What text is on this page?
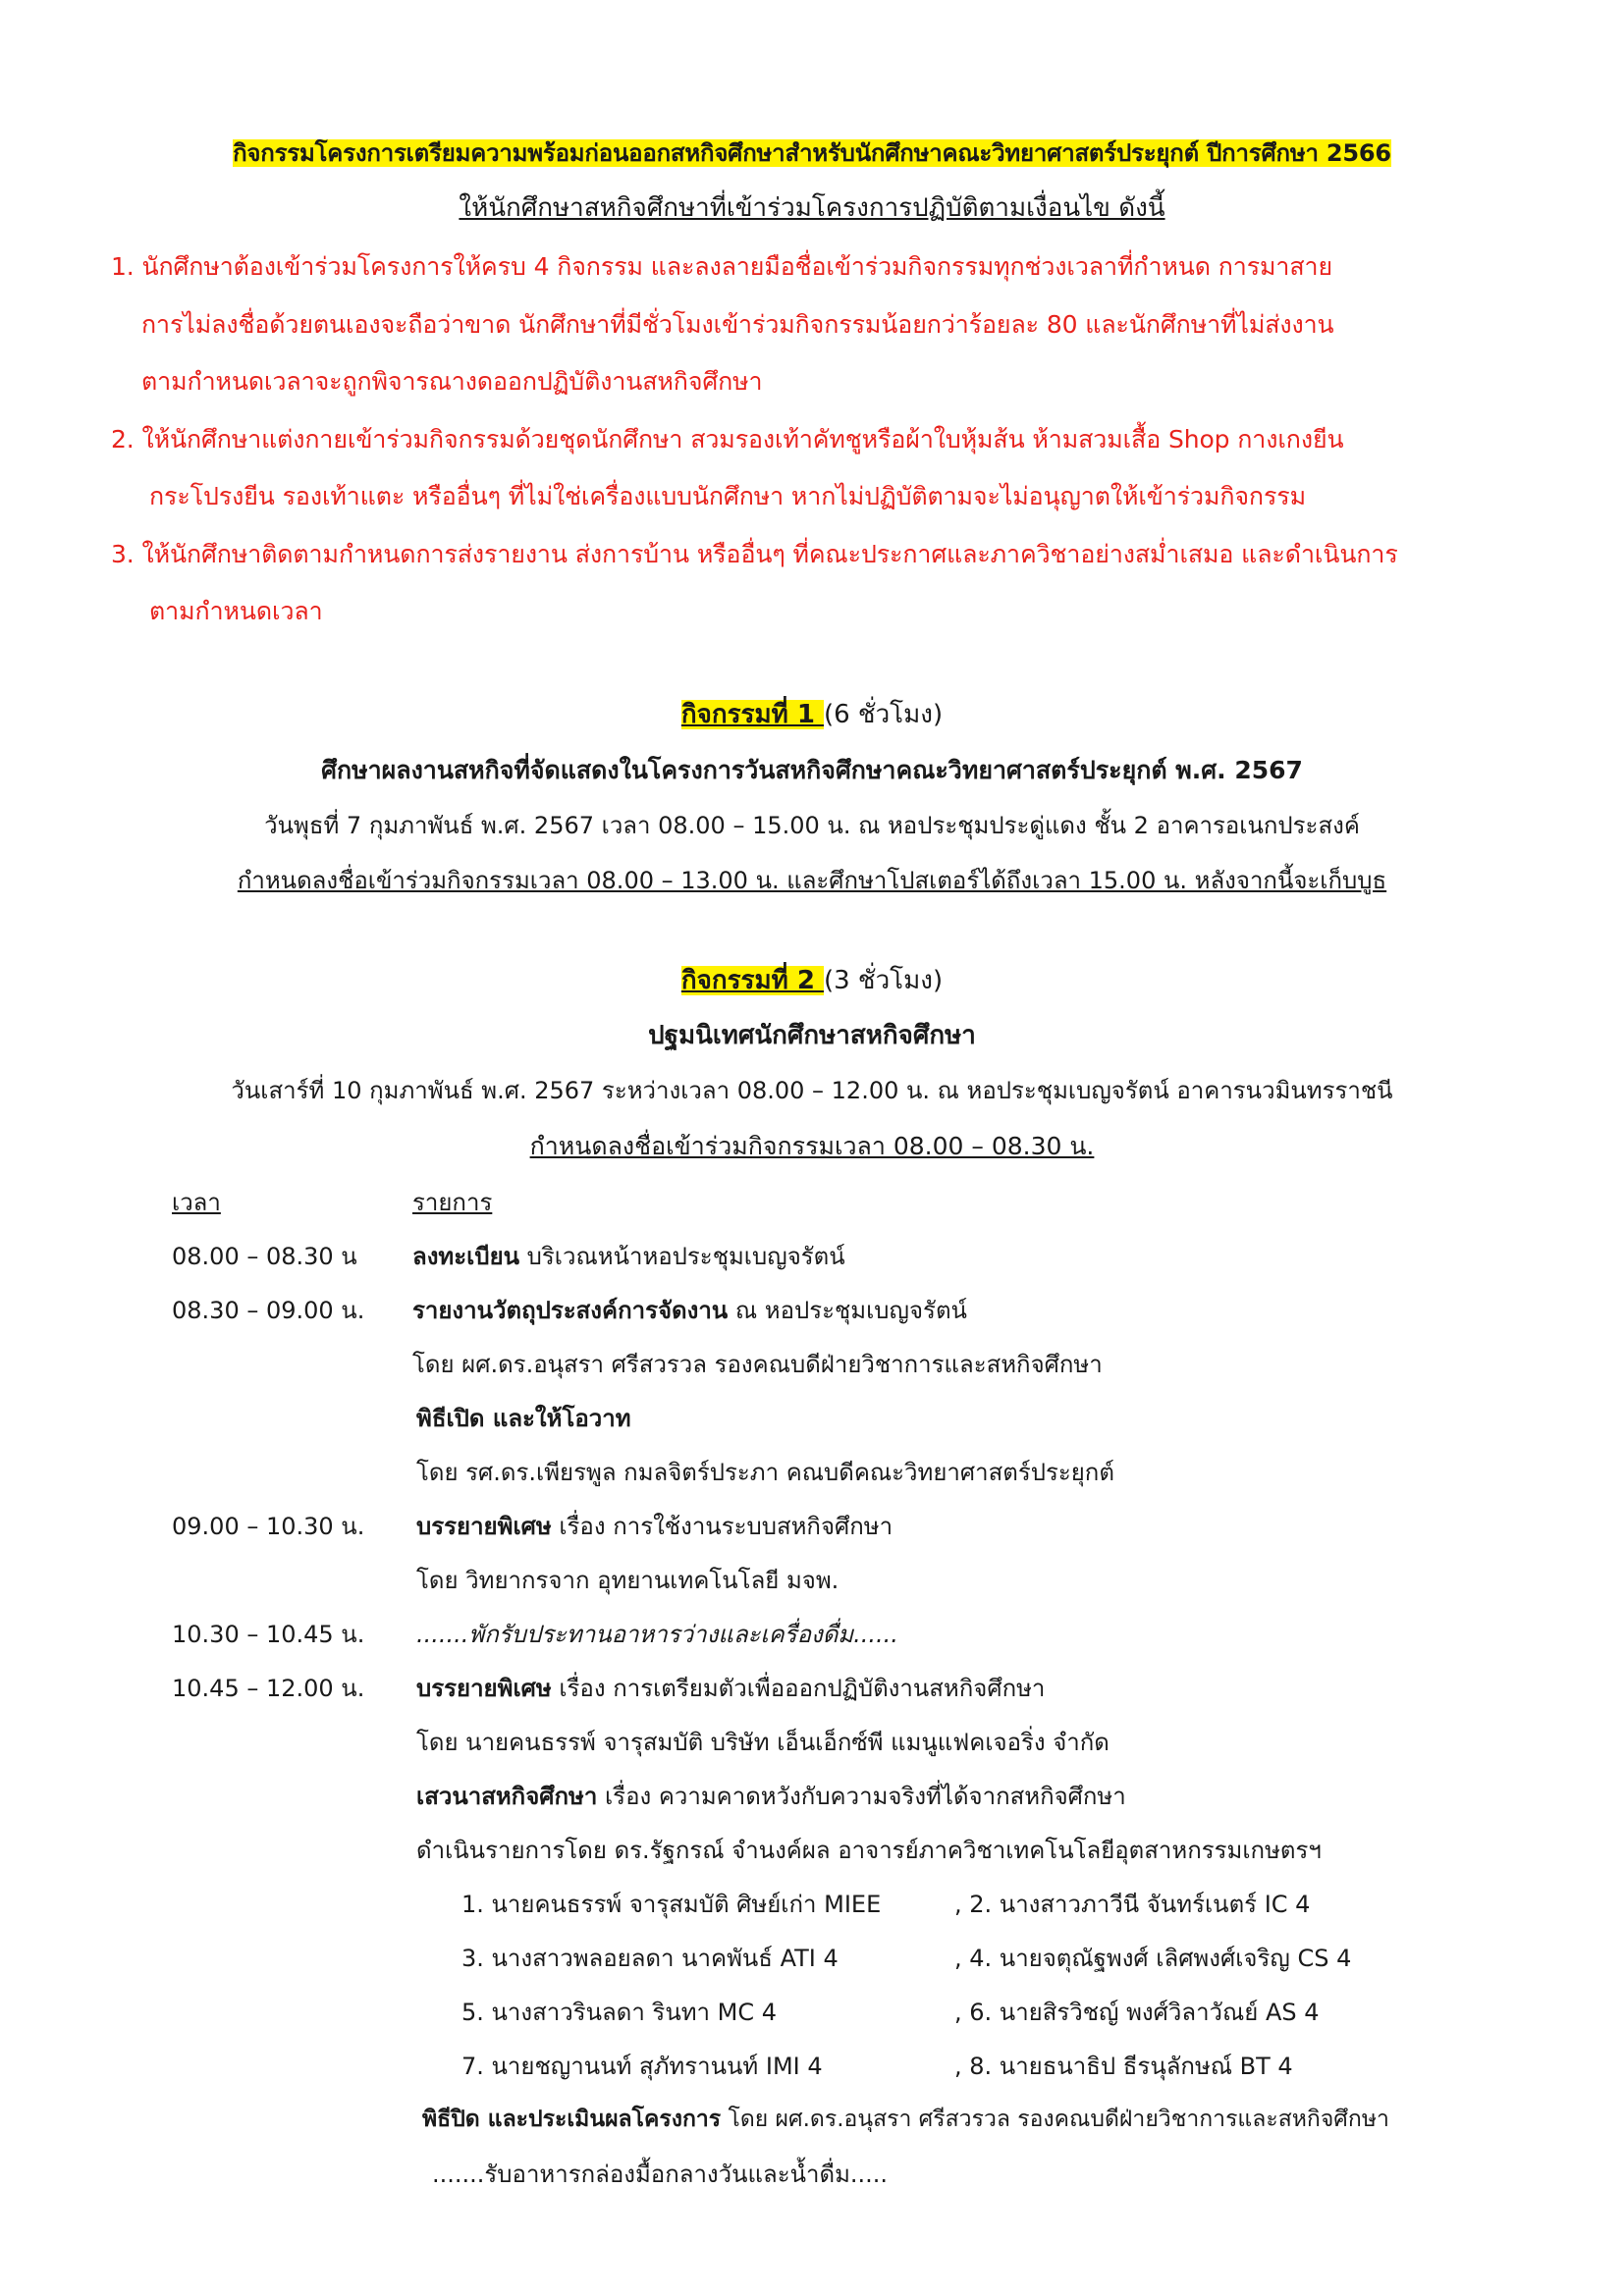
กิจกรรมโครงการเตรียมความพร้อมก่อนออกสหกิจศึกษาสำหรับนักศึกษาคณะวิทยาศาสตร์ประยุกต์ ปีการศึกษา 2566
ให้นักศึกษาสหกิจศึกษาที่เข้าร่วมโครงการปฏิบัติตามเงื่อนไข ดังนี้
1. นักศึกษาต้องเข้าร่วมโครงการให้ครบ 4 กิจกรรม และลงลายมือชื่อเข้าร่วมกิจกรรมทุกช่วงเวลาที่กำหนด การมาสาย
การไม่ลงชื่อด้วยตนเองจะถือว่าขาด นักศึกษาที่มีชั่วโมงเข้าร่วมกิจกรรมน้อยกว่าร้อยละ 80 และนักศึกษาที่ไม่ส่งงาน
ตามกำหนดเวลาจะถูกพิจารณางดออกปฏิบัติงานสหกิจศึกษา
2. ให้นักศึกษาแต่งกายเข้าร่วมกิจกรรมด้วยชุดนักศึกษา สวมรองเท้าคัทชูหรือผ้าใบหุ้มส้น ห้ามสวมเสื้อ Shop กางเกงยีน
กระโปรงยีน รองเท้าแตะ หรืออื่นๆ ที่ไม่ใช่เครื่องแบบนักศึกษา หากไม่ปฏิบัติตามจะไม่อนุญาตให้เข้าร่วมกิจกรรม
3. ให้นักศึกษาติดตามกำหนดการส่งรายงาน ส่งการบ้าน หรืออื่นๆ ที่คณะประกาศและภาควิชาอย่างสม่ำเสมอ และดำเนินการ
ตามกำหนดเวลา
กิจกรรมที่ 1 (6 ชั่วโมง)
ศึกษาผลงานสหกิจที่จัดแสดงในโครงการวันสหกิจศึกษาคณะวิทยาศาสตร์ประยุกต์ พ.ศ. 2567
วันพุธที่ 7 กุมภาพันธ์ พ.ศ. 2567 เวลา 08.00 – 15.00 น. ณ หอประชุมประดู่แดง ชั้น 2 อาคารอเนกประสงค์
กำหนดลงชื่อเข้าร่วมกิจกรรมเวลา 08.00 – 13.00 น. และศึกษาโปสเตอร์ได้ถึงเวลา 15.00 น. หลังจากนี้จะเก็บบูธ
กิจกรรมที่ 2 (3 ชั่วโมง)
ปฐมนิเทศนักศึกษาสหกิจศึกษา
วันเสาร์ที่ 10 กุมภาพันธ์ พ.ศ. 2567 ระหว่างเวลา 08.00 – 12.00 น. ณ หอประชุมเบญจรัตน์ อาคารนวมินทรราชนี
กำหนดลงชื่อเข้าร่วมกิจกรรมเวลา 08.00 – 08.30 น.
เวลา	รายการ
08.00 – 08.30 น ลงทะเบียน บริเวณหน้าหอประชุมเบญจรัตน์
08.30 – 09.00 น. รายงานวัตถุประสงค์การจัดงาน ณ หอประชุมเบญจรัตน์
โดย ผศ.ดร.อนุสรา ศรีสวรวล รองคณบดีฝ่ายวิชาการและสหกิจศึกษา
พิธีเปิด และให้โอวาท
โดย รศ.ดร.เพียรพูล กมลจิตร์ประภา คณบดีคณะวิทยาศาสตร์ประยุกต์
09.00 – 10.30 น. บรรยายพิเศษ เรื่อง การใช้งานระบบสหกิจศึกษา
โดย วิทยากรจาก อุทยานเทคโนโลยี มจพ.
10.30 – 10.45 น. .......พักรับประทานอาหารว่างและเครื่องดื่ม......
10.45 – 12.00 น. บรรยายพิเศษ เรื่อง การเตรียมตัวเพื่อออกปฏิบัติงานสหกิจศึกษา
โดย นายคนธรรพ์ จารุสมบัติ บริษัท เอ็นเอ็กซ์พี แมนูแฟคเจอริ่ง จำกัด
เสวนาสหกิจศึกษา เรื่อง ความคาดหวังกับความจริงที่ได้จากสหกิจศึกษา
ดำเนินรายการโดย ดร.รัฐกรณ์ จำนงค์ผล อาจารย์ภาควิชาเทคโนโลยีอุตสาหกรรมเกษตรฯ
1. นายคนธรรพ์ จารุสมบัติ ศิษย์เก่า MIEE	, 2. นางสาวภาวีนี จันทร์เนตร์ IC 4
3. นางสาวพลอยลดา นาคพันธ์ ATI 4	, 4. นายจตุณัฐพงศ์ เลิศพงศ์เจริญ CS 4
5. นางสาวรินลดา รินทา MC 4	, 6. นายสิรวิชญ์ พงศ์วิลาวัณย์ AS 4
7. นายชญานนท์ สุภัทรานนท์ IMI 4	, 8. นายธนาธิป ธีรนุลักษณ์ BT 4
พิธีปิด และประเมินผลโครงการ โดย ผศ.ดร.อนุสรา ศรีสวรวล รองคณบดีฝ่ายวิชาการและสหกิจศึกษา
.......รับอาหารกล่องมื้อกลางวันและน้ำดื่ม.....
